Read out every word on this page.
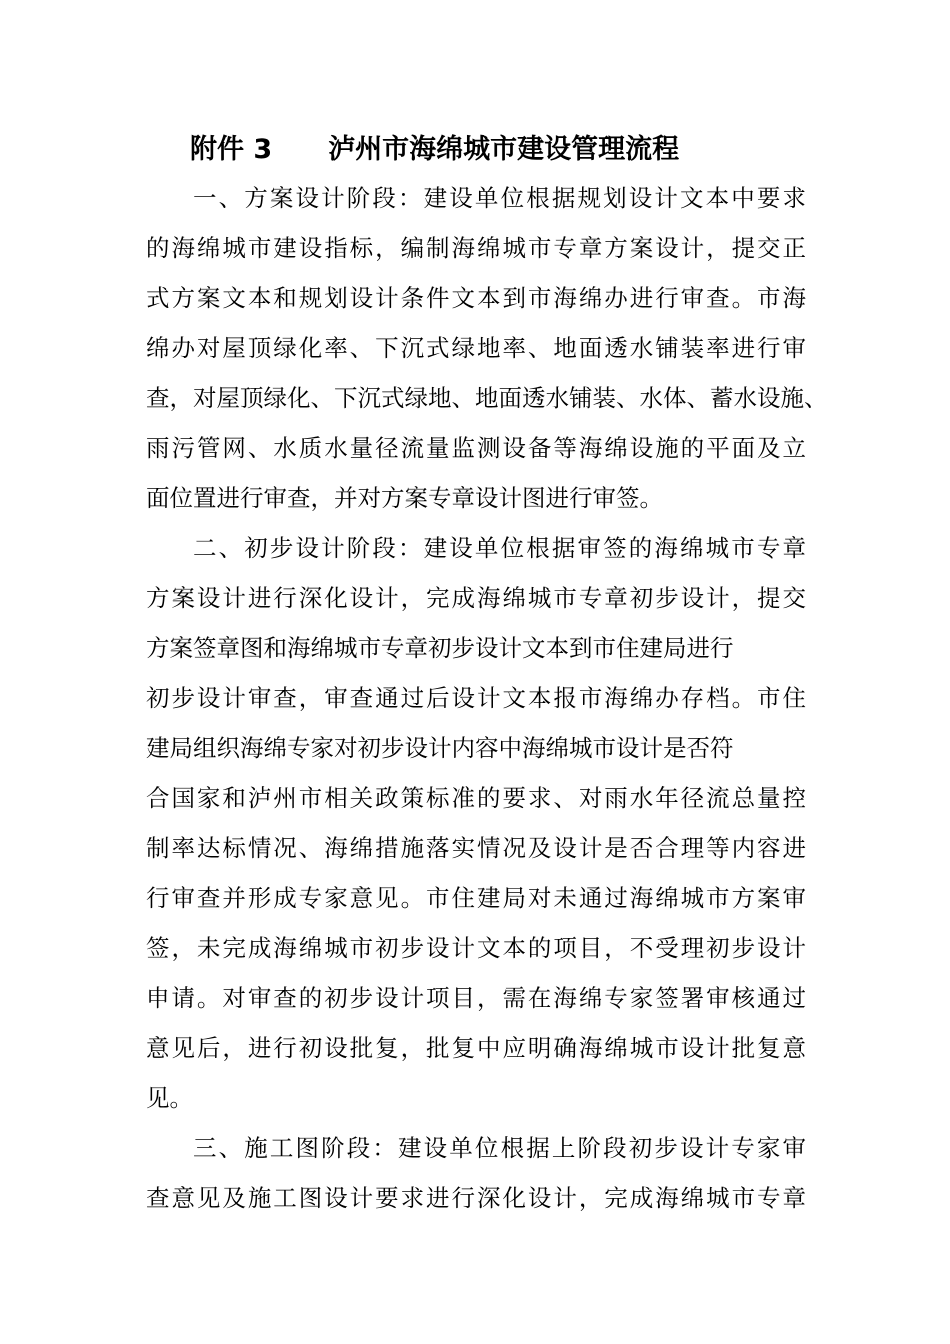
附件 3 泸州市海绵城市建设管理流程
一、方案设计阶段：建设单位根据规划设计文本中要求
的海绵城市建设指标，编制海绵城市专章方案设计，提交正
式方案文本和规划设计条件文本到市海绵办进行审查。市海
绵办对屋顶绿化率、下沉式绿地率、地面透水铺装率进行审
查，对屋顶绿化、下沉式绿地、地面透水铺装、水体、蓄水设施、
雨污管网、水质水量径流量监测设备等海绵设施的平面及立
面位置进行审查，并对方案专章设计图进行审签。
二、初步设计阶段：建设单位根据审签的海绵城市专章
方案设计进行深化设计，完成海绵城市专章初步设计，提交
方案签章图和海绵城市专章初步设计文本到市住建局进行
初步设计审查，审查通过后设计文本报市海绵办存档。市住
建局组织海绵专家对初步设计内容中海绵城市设计是否符
合国家和泸州市相关政策标准的要求、对雨水年径流总量控
制率达标情况、海绵措施落实情况及设计是否合理等内容进
行审查并形成专家意见。市住建局对未通过海绵城市方案审
签，未完成海绵城市初步设计文本的项目，不受理初步设计
申请。对审查的初步设计项目，需在海绵专家签署审核通过
意见后，进行初设批复，批复中应明确海绵城市设计批复意
见。
三、施工图阶段：建设单位根据上阶段初步设计专家审
查意见及施工图设计要求进行深化设计，完成海绵城市专章
